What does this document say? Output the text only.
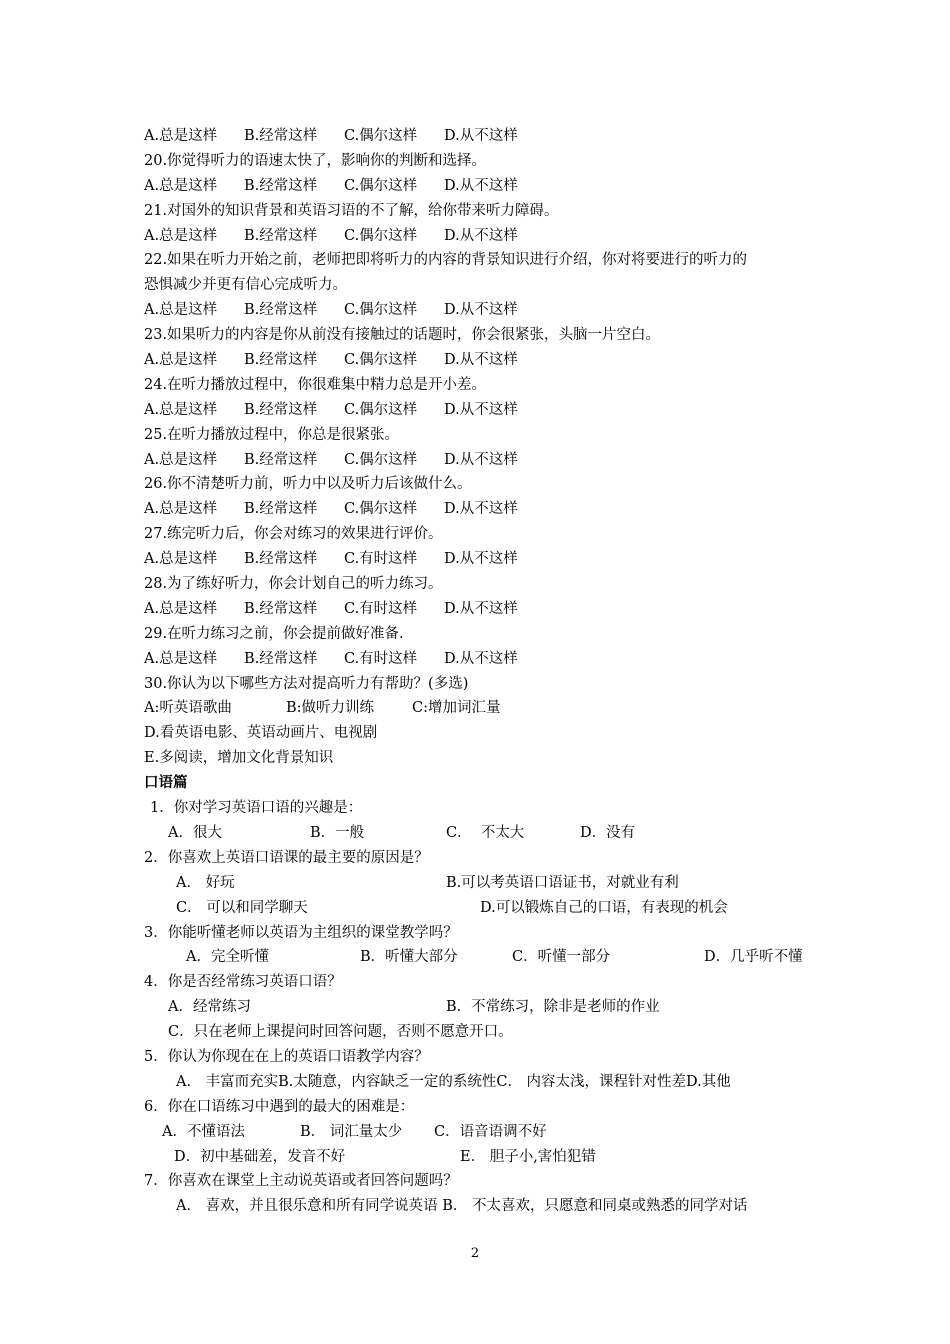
A.总是这样 B.经常这样 C.偶尔这样 D.从不这样
20.你觉得听力的语速太快了，影响你的判断和选择。
A.总是这样 B.经常这样 C.偶尔这样 D.从不这样
21.对国外的知识背景和英语习语的不了解，给你带来听力障碍。
A.总是这样 B.经常这样 C.偶尔这样 D.从不这样
22.如果在听力开始之前，老师把即将听力的内容的背景知识进行介绍，你对将要进行的听力的
恐惧减少并更有信心完成听力。
A.总是这样 B.经常这样 C.偶尔这样 D.从不这样
23.如果听力的内容是你从前没有接触过的话题时，你会很紧张，头脑一片空白。
A.总是这样 B.经常这样 C.偶尔这样 D.从不这样
24.在听力播放过程中，你很难集中精力总是开小差。
A.总是这样 B.经常这样 C.偶尔这样 D.从不这样
25.在听力播放过程中，你总是很紧张。
A.总是这样 B.经常这样 C.偶尔这样 D.从不这样
26.你不清楚听力前，听力中以及听力后该做什么。
A.总是这样 B.经常这样 C.偶尔这样 D.从不这样
27.练完听力后，你会对练习的效果进行评价。
A.总是这样 B.经常这样 C.有时这样 D.从不这样
28.为了练好听力，你会计划自己的听力练习。
A.总是这样 B.经常这样 C.有时这样 D.从不这样
29.在听力练习之前，你会提前做好准备.
A.总是这样 B.经常这样 C.有时这样 D.从不这样
30.你认为以下哪些方法对提高听力有帮助？(多选)
A:听英语歌曲	B:做听力训练	C:增加词汇量
D.看英语电影、英语动画片、电视剧
E.多阅读，增加文化背景知识
口语篇
1．你对学习英语口语的兴趣是：
A．很大	B．一般	C．  不太大	D．没有
2．你喜欢上英语口语课的最主要的原因是？
A． 好玩	B.可以考英语口语证书，对就业有利
C． 可以和同学聊天	D.可以锻炼自己的口语，有表现的机会
3．你能听懂老师以英语为主组织的课堂教学吗？
A．完全听懂	B．听懂大部分	C．听懂一部分	D．几乎听不懂
4．你是否经常练习英语口语？
A．经常练习	B．不常练习，除非是老师的作业
C．只在老师上课提问时回答问题，否则不愿意开口。
5．你认为你现在在上的英语口语教学内容？
A． 丰富而充实B.太随意，内容缺乏一定的系统性C． 内容太浅，课程针对性差D.其他
6．你在口语练习中遇到的最大的困难是：
A．不懂语法	B． 词汇量太少 C．语音语调不好
D．初中基础差，发音不好	E． 胆子小,害怕犯错
7．你喜欢在课堂上主动说英语或者回答问题吗？
A． 喜欢，并且很乐意和所有同学说英语 B． 不太喜欢，只愿意和同桌或熟悉的同学对话
2
